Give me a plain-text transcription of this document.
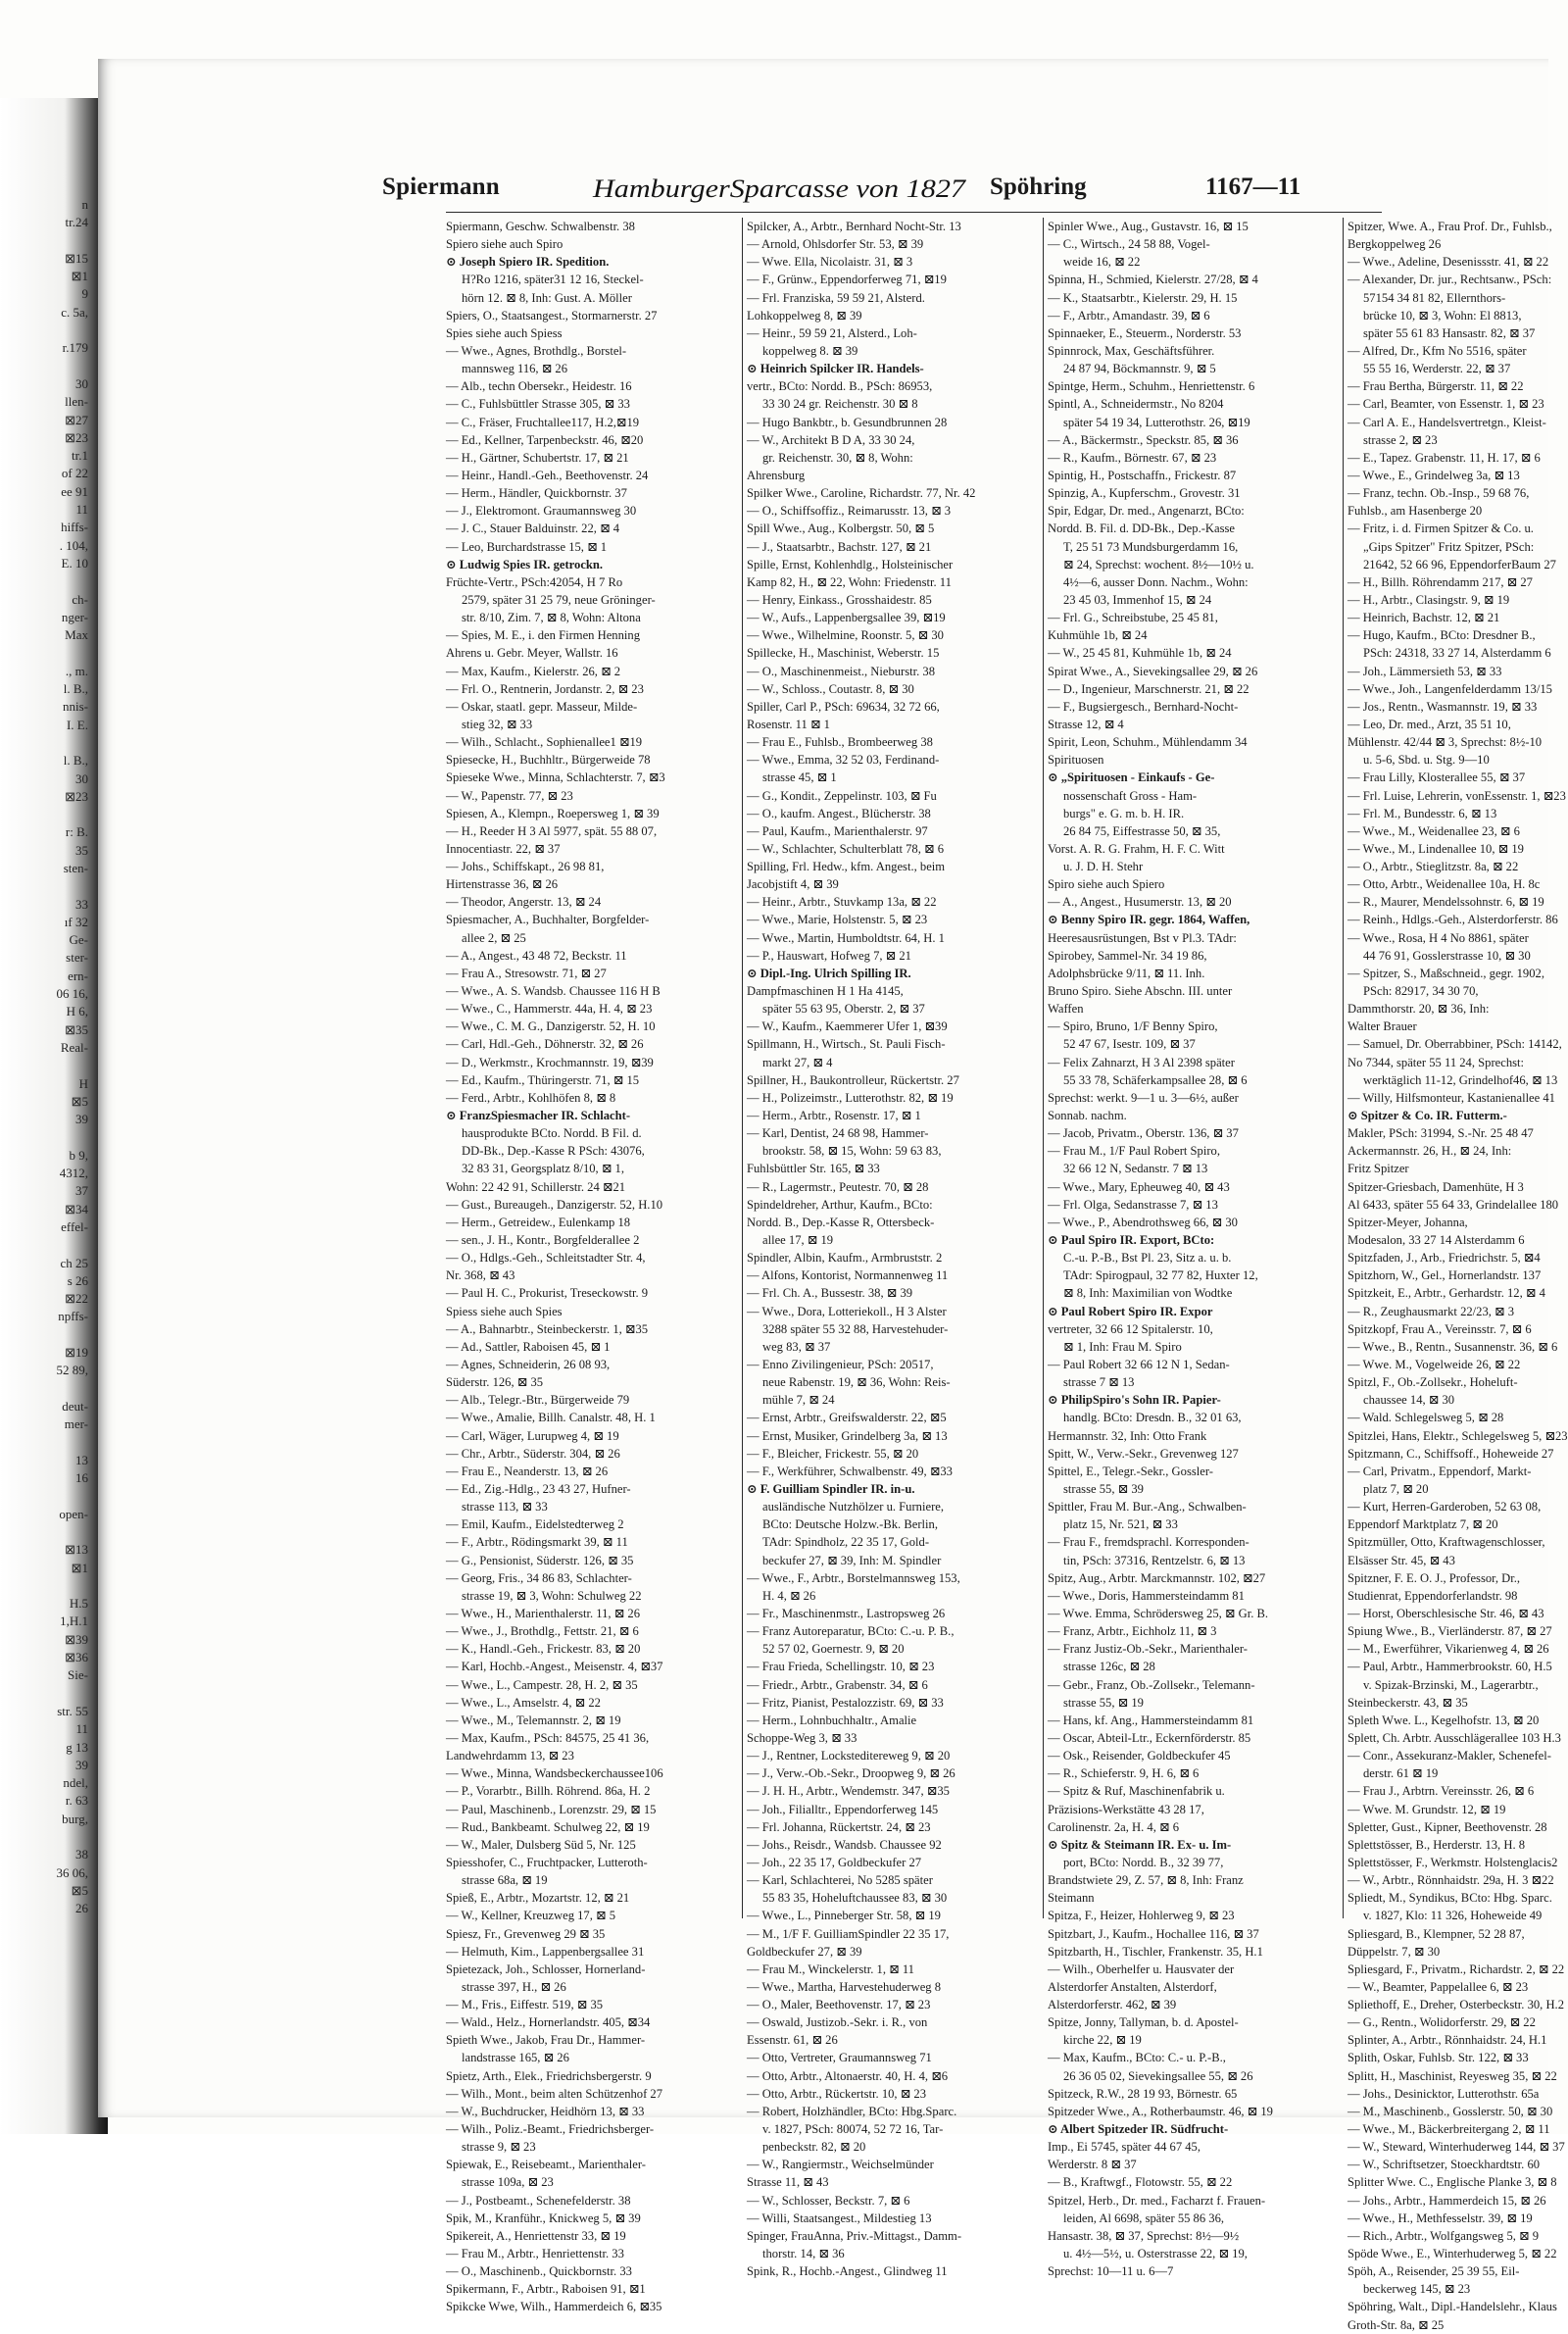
n
tr.24
⊠15
⊠1
9
c. 5a,
r.179
30
llen-
⊠27
⊠23
tr.1
of 22
ee 91
11
hiffs-
. 104,
E. 10
ch-
nger-
Max
., m.
l. B.,
nnis-
I. E.
l. B.,
30
⊠23
r: B.
35
sten-
33
ıf 32
Ge-
ster-
ern-
06 16,
H 6,
⊠35
Real-
H
⊠5
39
b 9,
4312,
37
⊠34
effel-
ch 25
s 26
⊠22
npffs-
⊠19
52 89,
deut-
mer-
13
16
open-
⊠13
⊠1
H.5
1,H.1
⊠39
⊠36
Sie-
str. 55
11
g 13
39
ndel,
r. 63
burg,
38
36 06,
⊠5
26
Spiermann	HamburgerSparcasse von 1827 Spöhring	1167—11
Spiermann, Geschw. Schwalbenstr. 38
Spiero siehe auch Spiro
⊙ Joseph Spiero IR. Spedition.
H?Ro 1216, später31 12 16, Steckel-
hörn 12. ⊠ 8, Inh: Gust. A. Möller
Spiers, O., Staatsangest., Stormarnerstr. 27
Spies siehe auch Spiess
— Wwe., Agnes, Brothdlg., Borstel-
mannsweg 116, ⊠ 26
— Alb., techn Obersekr., Heidestr. 16
— C., Fuhlsbüttler Strasse 305, ⊠ 33
— C., Fräser, Fruchtallee117, H.2,⊠19
— Ed., Kellner, Tarpenbeckstr. 46, ⊠20
— H., Gärtner, Schubertstr. 17, ⊠ 21
— Heinr., Handl.-Geh., Beethovenstr. 24
— Herm., Händler, Quickbornstr. 37
— J., Elektromont. Graumannsweg 30
— J. C., Stauer Balduinstr. 22, ⊠ 4
— Leo, Burchardstrasse 15, ⊠ 1
⊙ Ludwig Spies IR. getrockn.
Früchte-Vertr., PSch:42054, H 7 Ro
2579, später 31 25 79, neue Gröninger-
str. 8/10, Zim. 7, ⊠ 8, Wohn: Altona
— Spies, M. E., i. den Firmen Henning
Ahrens u. Gebr. Meyer, Wallstr. 16
— Max, Kaufm., Kielerstr. 26, ⊠ 2
— Frl. O., Rentnerin, Jordanstr. 2, ⊠ 23
— Oskar, staatl. gepr. Masseur, Milde-
stieg 32, ⊠ 33
— Wilh., Schlacht., Sophienallee1 ⊠19
Spiesecke, H., Buchhltr., Bürgerweide 78
Spieseke Wwe., Minna, Schlachterstr. 7, ⊠3
— W., Papenstr. 77, ⊠ 23
Spiesen, A., Klempn., Roepersweg 1, ⊠ 39
— H., Reeder H 3 Al 5977, spät. 55 88 07,
Innocentiastr. 22, ⊠ 37
— Johs., Schiffskapt., 26 98 81,
Hirtenstrasse 36, ⊠ 26
— Theodor, Angerstr. 13, ⊠ 24
Spiesmacher, A., Buchhalter, Borgfelder-
allee 2, ⊠ 25
— A., Angest., 43 48 72, Beckstr. 11
— Frau A., Stresowstr. 71, ⊠ 27
— Wwe., A. S. Wandsb. Chaussee 116 H B
— Wwe., C., Hammerstr. 44a, H. 4, ⊠ 23
— Wwe., C. M. G., Danzigerstr. 52, H. 10
— Carl, Hdl.-Geh., Döhnerstr. 32, ⊠ 26
— D., Werkmstr., Krochmannstr. 19, ⊠39
— Ed., Kaufm., Thüringerstr. 71, ⊠ 15
— Ferd., Arbtr., Kohlhöfen 8, ⊠ 8
⊙ FranzSpiesmacher IR. Schlacht-
hausprodukte BCto. Nordd. B Fil. d.
DD-Bk., Dep.-Kasse R PSch: 43076,
32 83 31, Georgsplatz 8/10, ⊠ 1,
Wohn: 22 42 91, Schillerstr. 24 ⊠21
— Gust., Bureaugeh., Danzigerstr. 52, H.10
— Herm., Getreidew., Eulenkamp 18
— sen., J. H., Kontr., Borgfelderallee 2
— O., Hdlgs.-Geh., Schleitstadter Str. 4,
Nr. 368, ⊠ 43
— Paul H. C., Prokurist, Treseckowstr. 9
Spiess siehe auch Spies
— A., Bahnarbtr., Steinbeckerstr. 1, ⊠35
— Ad., Sattler, Raboisen 45, ⊠ 1
— Agnes, Schneiderin, 26 08 93,
Süderstr. 126, ⊠ 35
— Alb., Telegr.-Btr., Bürgerweide 79
— Wwe., Amalie, Billh. Canalstr. 48, H. 1
— Carl, Wäger, Lurupweg 4, ⊠ 19
— Chr., Arbtr., Süderstr. 304, ⊠ 26
— Frau E., Neanderstr. 13, ⊠ 26
— Ed., Zig.-Hdlg., 23 43 27, Hufner-
strasse 113, ⊠ 33
— Emil, Kaufm., Eidelstedterweg 2
— F., Arbtr., Rödingsmarkt 39, ⊠ 11
— G., Pensionist, Süderstr. 126, ⊠ 35
— Georg, Fris., 34 86 83, Schlachter-
strasse 19, ⊠ 3, Wohn: Schulweg 22
— Wwe., H., Marienthalerstr. 11, ⊠ 26
— Wwe., J., Brothdlg., Fettstr. 21, ⊠ 6
— K., Handl.-Geh., Frickestr. 83, ⊠ 20
— Karl, Hochb.-Angest., Meisenstr. 4, ⊠37
— Wwe., L., Campestr. 28, H. 2, ⊠ 35
— Wwe., L., Amselstr. 4, ⊠ 22
— Wwe., M., Telemannstr. 2, ⊠ 19
— Max, Kaufm., PSch: 84575, 25 41 36,
Landwehrdamm 13, ⊠ 23
— Wwe., Minna, Wandsbeckerchaussee106
— P., Vorarbtr., Billh. Röhrend. 86a, H. 2
— Paul, Maschinenb., Lorenzstr. 29, ⊠ 15
— Rud., Bankbeamt. Schulweg 22, ⊠ 19
— W., Maler, Dulsberg Süd 5, Nr. 125
Spiesshofer, C., Fruchtpacker, Lutteroth-
strasse 68a, ⊠ 19
Spieß, E., Arbtr., Mozartstr. 12, ⊠ 21
— W., Kellner, Kreuzweg 17, ⊠ 5
Spiesz, Fr., Grevenweg 29 ⊠ 35
— Helmuth, Kim., Lappenbergsallee 31
Spietezack, Joh., Schlosser, Hornerland-
strasse 397, H., ⊠ 26
— M., Fris., Eiffestr. 519, ⊠ 35
— Wald., Helz., Hornerlandstr. 405, ⊠34
Spieth Wwe., Jakob, Frau Dr., Hammer-
landstrasse 165, ⊠ 26
Spietz, Arth., Elek., Friedrichsbergerstr. 9
— Wilh., Mont., beim alten Schützenhof 27
— W., Buchdrucker, Heidhörn 13, ⊠ 33
— Wilh., Poliz.-Beamt., Friedrichsberger-
strasse 9, ⊠ 23
Spiewak, E., Reisebeamt., Marienthaler-
strasse 109a, ⊠ 23
— J., Postbeamt., Schenefelderstr. 38
Spik, M., Kranführ., Knickweg 5, ⊠ 39
Spikereit, A., Henriettenstr 33, ⊠ 19
— Frau M., Arbtr., Henriettenstr. 33
— O., Maschinenb., Quickbornstr. 33
Spikermann, F., Arbtr., Raboisen 91, ⊠1
Spikcke Wwe, Wilh., Hammerdeich 6, ⊠35
Spilcker, A., Arbtr., Bernhard Nocht-Str. 13
— Arnold, Ohlsdorfer Str. 53, ⊠ 39
— Wwe. Ella, Nicolaistr. 31, ⊠ 3
— F., Grünw., Eppendorferweg 71, ⊠19
— Frl. Franziska, 59 59 21, Alsterd.
Lohkoppelweg 8, ⊠ 39
— Heinr., 59 59 21, Alsterd., Loh-
koppelweg 8. ⊠ 39
⊙ Heinrich Spilcker IR. Handels-
vertr., BCto: Nordd. B., PSch: 86953,
33 30 24 gr. Reichenstr. 30 ⊠ 8
— Hugo Bankbtr., b. Gesundbrunnen 28
— W., Architekt B D A, 33 30 24,
gr. Reichenstr. 30, ⊠ 8, Wohn:
Ahrensburg
Spilker Wwe., Caroline, Richardstr. 77, Nr. 42
— O., Schiffsoffiz., Reimarusstr. 13, ⊠ 3
Spill Wwe., Aug., Kolbergstr. 50, ⊠ 5
— J., Staatsarbtr., Bachstr. 127, ⊠ 21
Spille, Ernst, Kohlenhdlg., Holsteinischer
Kamp 82, H., ⊠ 22, Wohn: Friedenstr. 11
— Henry, Einkass., Grosshaidestr. 85
— W., Aufs., Lappenbergsallee 39, ⊠19
— Wwe., Wilhelmine, Roonstr. 5, ⊠ 30
Spillecke, H., Maschinist, Weberstr. 15
— O., Maschinenmeist., Nieburstr. 38
— W., Schloss., Coutastr. 8, ⊠ 30
Spiller, Carl P., PSch: 69634, 32 72 66,
Rosenstr. 11 ⊠ 1
— Frau E., Fuhlsb., Brombeerweg 38
— Wwe., Emma, 32 52 03, Ferdinand-
strasse 45, ⊠ 1
— G., Kondit., Zeppelinstr. 103, ⊠ Fu
— O., kaufm. Angest., Blücherstr. 38
— Paul, Kaufm., Marienthalerstr. 97
— W., Schlachter, Schulterblatt 78, ⊠ 6
Spilling, Frl. Hedw., kfm. Angest., beim
Jacobjstift 4, ⊠ 39
— Heinr., Arbtr., Stuvkamp 13a, ⊠ 22
— Wwe., Marie, Holstenstr. 5, ⊠ 23
— Wwe., Martin, Humboldtstr. 64, H. 1
— P., Hauswart, Hofweg 7, ⊠ 21
⊙ Dipl.-Ing. Ulrich Spilling IR.
Dampfmaschinen H 1 Ha 4145,
später 55 63 95, Oberstr. 2, ⊠ 37
— W., Kaufm., Kaemmerer Ufer 1, ⊠39
Spillmann, H., Wirtsch., St. Pauli Fisch-
markt 27, ⊠ 4
Spillner, H., Baukontrolleur, Rückertstr. 27
— H., Polizeimstr., Lutterothstr. 82, ⊠ 19
— Herm., Arbtr., Rosenstr. 17, ⊠ 1
— Karl, Dentist, 24 68 98, Hammer-
brookstr. 58, ⊠ 15, Wohn: 59 63 83,
Fuhlsbüttler Str. 165, ⊠ 33
— R., Lagermstr., Peutestr. 70, ⊠ 28
Spindeldreher, Arthur, Kaufm., BCto:
Nordd. B., Dep.-Kasse R, Ottersbeck-
allee 17, ⊠ 19
Spindler, Albin, Kaufm., Armbruststr. 2
— Alfons, Kontorist, Normannenweg 11
— Frl. Ch. A., Bussestr. 38, ⊠ 39
— Wwe., Dora, Lotteriekoll., H 3 Alster
3288 später 55 32 88, Harvestehuder-
weg 83, ⊠ 37
— Enno Zivilingenieur, PSch: 20517,
neue Rabenstr. 19, ⊠ 36, Wohn: Reis-
mühle 7, ⊠ 24
— Ernst, Arbtr., Greifswalderstr. 22, ⊠5
— Ernst, Musiker, Grindelberg 3a, ⊠ 13
— F., Bleicher, Frickestr. 55, ⊠ 20
— F., Werkführer, Schwalbenstr. 49, ⊠33
⊙ F. Guilliam Spindler IR. in-u.
ausländische Nutzhölzer u. Furniere,
BCto: Deutsche Holzw.-Bk. Berlin,
TAdr: Spindholz, 22 35 17, Gold-
beckufer 27, ⊠ 39, Inh: M. Spindler
— Wwe., F., Arbtr., Borstelmannsweg 153,
H. 4, ⊠ 26
— Fr., Maschinenmstr., Lastropsweg 26
— Franz Autoreparatur, BCto: C.-u. P. B.,
52 57 02, Goernestr. 9, ⊠ 20
— Frau Frieda, Schellingstr. 10, ⊠ 23
— Friedr., Arbtr., Grabenstr. 34, ⊠ 6
— Fritz, Pianist, Pestalozzistr. 69, ⊠ 33
— Herm., Lohnbuchhaltr., Amalie
Schoppe-Weg 3, ⊠ 33
— J., Rentner, Locksteditereweg 9, ⊠ 20
— J., Verw.-Ob.-Sekr., Droopweg 9, ⊠ 26
— J. H. H., Arbtr., Wendemstr. 347, ⊠35
— Joh., Filialltr., Eppendorferweg 145
— Frl. Johanna, Rückertstr. 24, ⊠ 23
— Johs., Reisdr., Wandsb. Chaussee 92
— Joh., 22 35 17, Goldbeckufer 27
— Karl, Schlachterei, No 5285 später
55 83 35, Hoheluftchaussee 83, ⊠ 30
— Wwe., L., Pinneberger Str. 58, ⊠ 19
— M., 1/F F. GuilliamSpindler 22 35 17,
Goldbeckufer 27, ⊠ 39
— Frau M., Winckelerstr. 1, ⊠ 11
— Wwe., Martha, Harvestehuderweg 8
— O., Maler, Beethovenstr. 17, ⊠ 23
— Oswald, Justizob.-Sekr. i. R., von
Essenstr. 61, ⊠ 26
— Otto, Vertreter, Graumannsweg 71
— Otto, Arbtr., Altonaerstr. 40, H. 4, ⊠6
— Otto, Arbtr., Rückertstr. 10, ⊠ 23
— Robert, Holzhändler, BCto: Hbg.Sparc.
v. 1827, PSch: 80074, 52 72 16, Tar-
penbeckstr. 82, ⊠ 20
— W., Rangiermstr., Weichselmünder
Strasse 11, ⊠ 43
— W., Schlosser, Beckstr. 7, ⊠ 6
— Willi, Staatsangest., Mildestieg 13
Spinger, FrauAnna, Priv.-Mittagst., Damm-
thorstr. 14, ⊠ 36
Spink, R., Hochb.-Angest., Glindweg 11
Spinler Wwe., Aug., Gustavstr. 16, ⊠ 15
— C., Wirtsch., 24 58 88, Vogel-
weide 16, ⊠ 22
Spinna, H., Schmied, Kielerstr. 27/28, ⊠ 4
— K., Staatsarbtr., Kielerstr. 29, H. 15
— F., Arbtr., Amandastr. 39, ⊠ 6
Spinnaeker, E., Steuerm., Norderstr. 53
Spinnrock, Max, Geschäftsführer.
24 87 94, Böckmannstr. 9, ⊠ 5
Spintge, Herm., Schuhm., Henriettenstr. 6
Spintl, A., Schneidermstr., No 8204
später 54 19 34, Lutterothstr. 26, ⊠19
— A., Bäckermstr., Speckstr. 85, ⊠ 36
— R., Kaufm., Börnestr. 67, ⊠ 23
Spintig, H., Postschaffn., Frickestr. 87
Spinzig, A., Kupferschm., Grovestr. 31
Spir, Edgar, Dr. med., Angenarzt, BCto:
Nordd. B. Fil. d. DD-Bk., Dep.-Kasse
T, 25 51 73 Mundsburgerdamm 16,
⊠ 24, Sprechst: wochent. 8½—10½ u.
4½—6, ausser Donn. Nachm., Wohn:
23 45 03, Immenhof 15, ⊠ 24
— Frl. G., Schreibstube, 25 45 81,
Kuhmühle 1b, ⊠ 24
— W., 25 45 81, Kuhmühle 1b, ⊠ 24
Spirat Wwe., A., Sievekingsallee 29, ⊠ 26
— D., Ingenieur, Marschnerstr. 21, ⊠ 22
— F., Bugsiergesch., Bernhard-Nocht-
Strasse 12, ⊠ 4
Spirit, Leon, Schuhm., Mühlendamm 34
Spirituosen
⊙ „Spirituosen - Einkaufs - Ge-
nossenschaft Gross - Ham-
burgs" e. G. m. b. H. IR.
26 84 75, Eiffestrasse 50, ⊠ 35,
Vorst. A. R. G. Frahm, H. F. C. Witt
u. J. D. H. Stehr
Spiro siehe auch Spiero
— A., Angest., Husumerstr. 13, ⊠ 20
⊙ Benny Spiro IR. gegr. 1864, Waffen,
Heeresausrüstungen, Bst v Pl.3. TAdr:
Spirobey, Sammel-Nr. 34 19 86,
Adolphsbrücke 9/11, ⊠ 11. Inh.
Bruno Spiro. Siehe Abschn. III. unter
Waffen
— Spiro, Bruno, 1/F Benny Spiro,
52 47 67, Isestr. 109, ⊠ 37
— Felix Zahnarzt, H 3 Al 2398 später
55 33 78, Schäferkampsallee 28, ⊠ 6
Sprechst: werkt. 9—1 u. 3—6½, außer
Sonnab. nachm.
— Jacob, Privatm., Oberstr. 136, ⊠ 37
— Frau M., 1/F Paul Robert Spiro,
32 66 12 N, Sedanstr. 7 ⊠ 13
— Wwe., Mary, Epheuweg 40, ⊠ 43
— Frl. Olga, Sedanstrasse 7, ⊠ 13
— Wwe., P., Abendrothsweg 66, ⊠ 30
⊙ Paul Spiro IR. Export, BCto:
C.-u. P.-B., Bst Pl. 23, Sitz a. u. b.
TAdr: Spirogpaul, 32 77 82, Huxter 12,
⊠ 8, Inh: Maximilian von Wodtke
⊙ Paul Robert Spiro IR. Expor
vertreter, 32 66 12 Spitalerstr. 10,
⊠ 1, Inh: Frau M. Spiro
— Paul Robert 32 66 12 N 1, Sedan-
strasse 7 ⊠ 13
⊙ PhilipSpiro's Sohn IR. Papier-
handlg. BCto: Dresdn. B., 32 01 63,
Hermannstr. 32, Inh: Otto Frank
Spitt, W., Verw.-Sekr., Grevenweg 127
Spittel, E., Telegr.-Sekr., Gossler-
strasse 55, ⊠ 39
Spittler, Frau M. Bur.-Ang., Schwalben-
platz 15, Nr. 521, ⊠ 33
— Frau F., fremdsprachl. Korresponden-
tin, PSch: 37316, Rentzelstr. 6, ⊠ 13
Spitz, Aug., Arbtr. Marckmannstr. 102, ⊠27
— Wwe., Doris, Hammersteindamm 81
— Wwe. Emma, Schrödersweg 25, ⊠ Gr. B.
— Franz, Arbtr., Eichholz 11, ⊠ 3
— Franz Justiz-Ob.-Sekr., Marienthaler-
strasse 126c, ⊠ 28
— Gebr., Franz, Ob.-Zollsekr., Telemann-
strasse 55, ⊠ 19
— Hans, kf. Ang., Hammersteindamm 81
— Oscar, Abteil-Ltr., Eckernförderstr. 85
— Osk., Reisender, Goldbeckufer 45
— R., Schieferstr. 9, H. 6, ⊠ 6
— Spitz & Ruf, Maschinenfabrik u.
Präzisions-Werkstätte 43 28 17,
Carolinenstr. 2a, H. 4, ⊠ 6
⊙ Spitz & Steimann IR. Ex- u. Im-
port, BCto: Nordd. B., 32 39 77,
Brandstwiete 29, Z. 57, ⊠ 8, Inh: Franz
Steimann
Spitza, F., Heizer, Hohlerweg 9, ⊠ 23
Spitzbart, J., Kaufm., Hochallee 116, ⊠ 37
Spitzbarth, H., Tischler, Frankenstr. 35, H.1
— Wilh., Oberhelfer u. Hausvater der
Alsterdorfer Anstalten, Alsterdorf,
Alsterdorferstr. 462, ⊠ 39
Spitze, Jonny, Tallyman, b. d. Apostel-
kirche 22, ⊠ 19
— Max, Kaufm., BCto: C.- u. P.-B.,
26 36 05 02, Sievekingsallee 55, ⊠ 26
Spitzeck, R.W., 28 19 93, Börnestr. 65
Spitzeder Wwe., A., Rotherbaumstr. 46, ⊠ 19
⊙ Albert Spitzeder IR. Südfrucht-
Imp., Ei 5745, später 44 67 45,
Werderstr. 8 ⊠ 37
— B., Kraftwgf., Flotowstr. 55, ⊠ 22
Spitzel, Herb., Dr. med., Facharzt f. Frauen-
leiden, Al 6698, später 55 86 36,
Hansastr. 38, ⊠ 37, Sprechst: 8½—9½
u. 4½—5½, u. Osterstrasse 22, ⊠ 19,
Sprechst: 10—11 u. 6—7
Spitzer, Wwe. A., Frau Prof. Dr., Fuhlsb.,
Bergkoppelweg 26
— Wwe., Adeline, Desenissstr. 41, ⊠ 22
— Alexander, Dr. jur., Rechtsanw., PSch:
57154 34 81 82, Ellernthors-
brücke 10, ⊠ 3, Wohn: El 8813,
später 55 61 83 Hansastr. 82, ⊠ 37
— Alfred, Dr., Kfm No 5516, später
55 55 16, Werderstr. 22, ⊠ 37
— Frau Bertha, Bürgerstr. 11, ⊠ 22
— Carl, Beamter, von Essenstr. 1, ⊠ 23
— Carl A. E., Handelsvertretgn., Kleist-
strasse 2, ⊠ 23
— E., Tapez. Grabenstr. 11, H. 17, ⊠ 6
— Wwe., E., Grindelweg 3a, ⊠ 13
— Franz, techn. Ob.-Insp., 59 68 76,
Fuhlsb., am Hasenberge 20
— Fritz, i. d. Firmen Spitzer & Co. u.
„Gips Spitzer" Fritz Spitzer, PSch:
21642, 52 66 96, EppendorferBaum 27
— H., Billh. Röhrendamm 217, ⊠ 27
— H., Arbtr., Clasingstr. 9, ⊠ 19
— Heinrich, Bachstr. 12, ⊠ 21
— Hugo, Kaufm., BCto: Dresdner B.,
PSch: 24318, 33 27 14, Alsterdamm 6
— Joh., Lämmersieth 53, ⊠ 33
— Wwe., Joh., Langenfelderdamm 13/15
— Jos., Rentn., Wasmannstr. 19, ⊠ 33
— Leo, Dr. med., Arzt, 35 51 10,
Mühlenstr. 42/44 ⊠ 3, Sprechst: 8½-10
u. 5-6, Sbd. u. Stg. 9—10
— Frau Lilly, Klosterallee 55, ⊠ 37
— Frl. Luise, Lehrerin, vonEssenstr. 1, ⊠23
— Frl. M., Bundesstr. 6, ⊠ 13
— Wwe., M., Weidenallee 23, ⊠ 6
— Wwe., M., Lindenallee 10, ⊠ 19
— O., Arbtr., Stieglitzstr. 8a, ⊠ 22
— Otto, Arbtr., Weidenallee 10a, H. 8c
— R., Maurer, Mendelssohnstr. 6, ⊠ 19
— Reinh., Hdlgs.-Geh., Alsterdorferstr. 86
— Wwe., Rosa, H 4 No 8861, später
44 76 91, Gosslerstrasse 10, ⊠ 30
— Spitzer, S., Maßschneid., gegr. 1902,
PSch: 82917, 34 30 70,
Dammthorstr. 20, ⊠ 36, Inh:
Walter Brauer
— Samuel, Dr. Oberrabbiner, PSch: 14142,
No 7344, später 55 11 24, Sprechst:
werktäglich 11-12, Grindelhof46, ⊠ 13
— Willy, Hilfsmonteur, Kastanienallee 41
⊙ Spitzer & Co. IR. Futterm.-
Makler, PSch: 31994, S.-Nr. 25 48 47
Ackermannstr. 26, H., ⊠ 24, Inh:
Fritz Spitzer
Spitzer-Griesbach, Damenhüte, H 3
Al 6433, später 55 64 33, Grindelallee 180
Spitzer-Meyer, Johanna,
Modesalon, 33 27 14 Alsterdamm 6
Spitzfaden, J., Arb., Friedrichstr. 5, ⊠4
Spitzhorn, W., Gel., Hornerlandstr. 137
Spitzkeit, E., Arbtr., Gerhardstr. 12, ⊠ 4
— R., Zeughausmarkt 22/23, ⊠ 3
Spitzkopf, Frau A., Vereinsstr. 7, ⊠ 6
— Wwe., B., Rentn., Susannenstr. 36, ⊠ 6
— Wwe. M., Vogelweide 26, ⊠ 22
Spitzl, F., Ob.-Zollsekr., Hoheluft-
chaussee 14, ⊠ 30
— Wald. Schlegelsweg 5, ⊠ 28
Spitzlei, Hans, Elektr., Schlegelsweg 5, ⊠23
Spitzmann, C., Schiffsoff., Hoheweide 27
— Carl, Privatm., Eppendorf, Markt-
platz 7, ⊠ 20
— Kurt, Herren-Garderoben, 52 63 08,
Eppendorf Marktplatz 7, ⊠ 20
Spitzmüller, Otto, Kraftwagenschlosser,
Elsässer Str. 45, ⊠ 43
Spitzner, F. E. O. J., Professor, Dr.,
Studienrat, Eppendorferlandstr. 98
— Horst, Oberschlesische Str. 46, ⊠ 43
Spiung Wwe., B., Vierländerstr. 87, ⊠ 27
— M., Ewerführer, Vikarienweg 4, ⊠ 26
— Paul, Arbtr., Hammerbrookstr. 60, H.5
v. Spizak-Brzinski, M., Lagerarbtr.,
Steinbeckerstr. 43, ⊠ 35
Spleth Wwe. L., Kegelhofstr. 13, ⊠ 20
Splett, Ch. Arbtr. Ausschlägerallee 103 H.3
— Conr., Assekuranz-Makler, Schenefel-
derstr. 61 ⊠ 19
— Frau J., Arbtrn. Vereinsstr. 26, ⊠ 6
— Wwe. M. Grundstr. 12, ⊠ 19
Spletter, Gust., Kipner, Beethovenstr. 28
Splettstösser, B., Herderstr. 13, H. 8
Splettstösser, F., Werkmstr. Holstenglacis2
— W., Arbtr., Rönnhaidstr. 29a, H. 3 ⊠22
Spliedt, M., Syndikus, BCto: Hbg. Sparc.
v. 1827, Klo: 11 326, Hoheweide 49
Spliesgard, B., Klempner, 52 28 87,
Düppelstr. 7, ⊠ 30
Spliesgard, F., Privatm., Richardstr. 2, ⊠ 22
— W., Beamter, Pappelallee 6, ⊠ 23
Spliethoff, E., Dreher, Osterbeckstr. 30, H.2
— G., Rentn., Wolidorferstr. 29, ⊠ 22
Splinter, A., Arbtr., Rönnhaidstr. 24, H.1
Splith, Oskar, Fuhlsb. Str. 122, ⊠ 33
Splitt, H., Maschinist, Reyesweg 35, ⊠ 22
— Johs., Desinicktor, Lutterothstr. 65a
— M., Maschinenb., Gosslerstr. 50, ⊠ 30
— Wwe., M., Bäckerbreitergang 2, ⊠ 11
— W., Steward, Winterhuderweg 144, ⊠ 37
— W., Schriftsetzer, Stoeckhardtstr. 60
Splitter Wwe. C., Englische Planke 3, ⊠ 8
— Johs., Arbtr., Hammerdeich 15, ⊠ 26
— Wwe., H., Methfesselstr. 39, ⊠ 19
— Rich., Arbtr., Wolfgangsweg 5, ⊠ 9
Spöde Wwe., E., Winterhuderweg 5, ⊠ 22
Spöh, A., Reisender, 25 39 55, Eil-
beckerweg 145, ⊠ 23
Spöhring, Walt., Dipl.-Handelslehr., Klaus
Groth-Str. 8a, ⊠ 25
